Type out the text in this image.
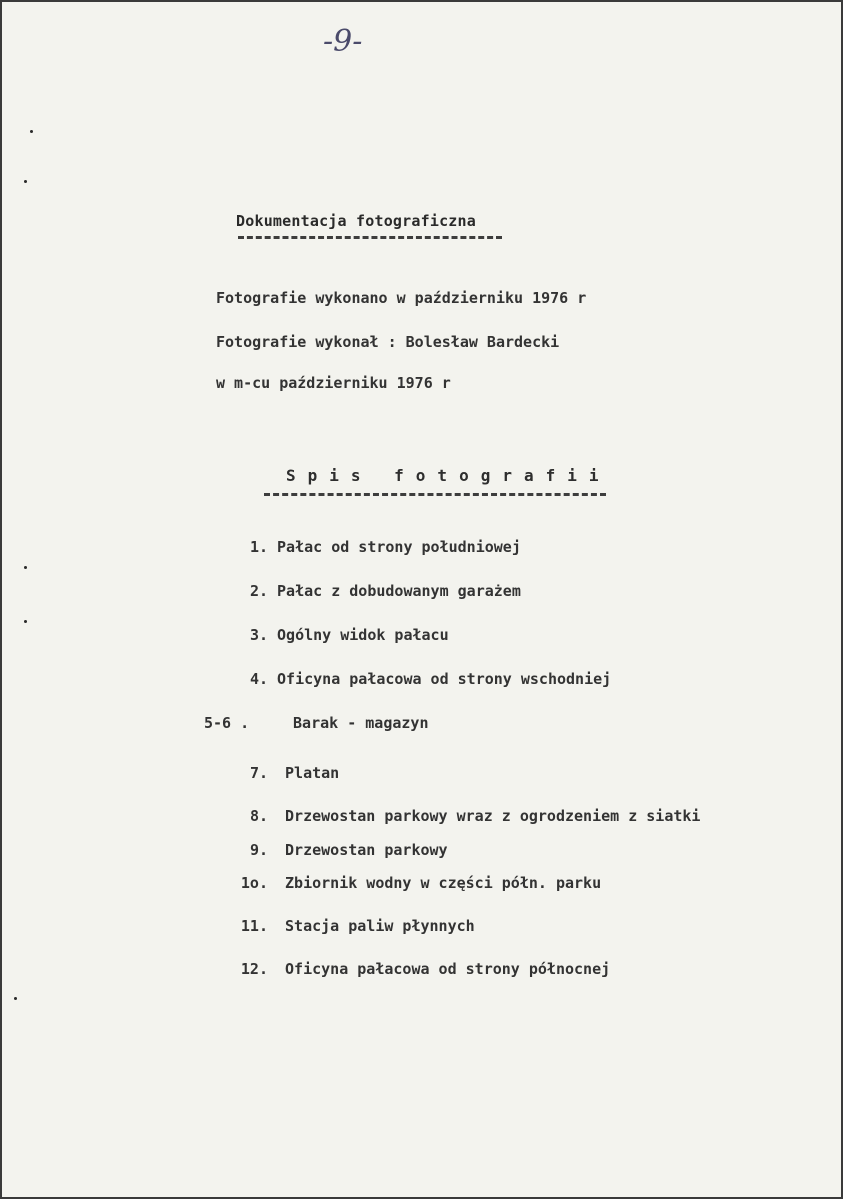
-9-
Dokumentacja fotograficzna
Fotografie wykonano w październiku 1976 r
Fotografie wykonał : Bolesław Bardecki
w m-cu październiku 1976 r
Spis fotografii
1. Pałac od strony południowej
2. Pałac z dobudowanym garażem
3. Ogólny widok pałacu
4. Oficyna pałacowa od strony wschodniej
5-6 .	Barak - magazyn
7. Platan
8. Drzewostan parkowy wraz z ogrodzeniem z siatki
9. Drzewostan parkowy
1o. Zbiornik wodny w części półn. parku
11. Stacja paliw płynnych
12. Oficyna pałacowa od strony północnej
